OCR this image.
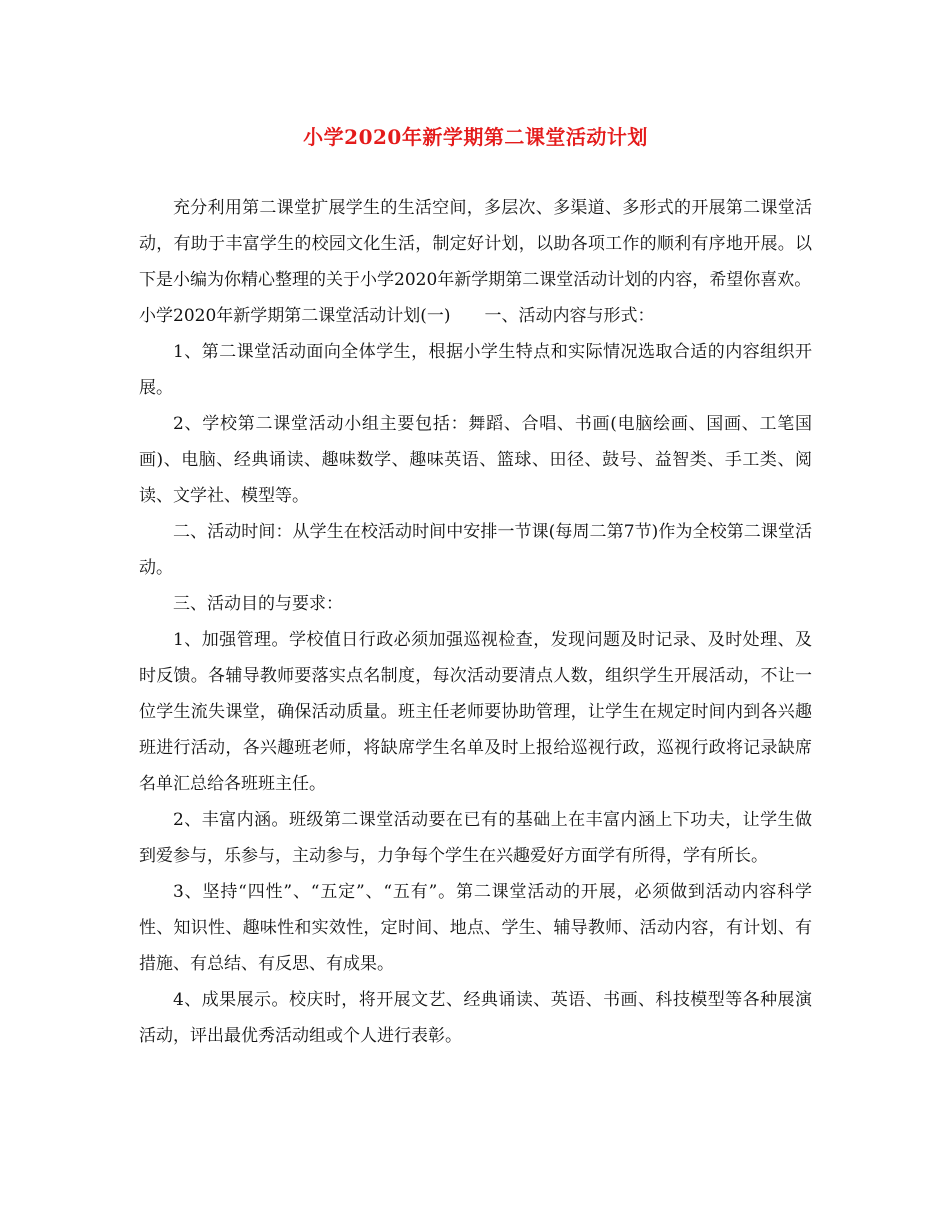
小学2020年新学期第二课堂活动计划

充分利用第二课堂扩展学生的生活空间，多层次、多渠道、多形式的开展第二课堂活动，有助于丰富学生的校园文化生活，制定好计划，以助各项工作的顺利有序地开展。以下是小编为你精心整理的关于小学2020年新学期第二课堂活动计划的内容，希望你喜欢。

小学2020年新学期第二课堂活动计划(一) 一、活动内容与形式：

1、第二课堂活动面向全体学生，根据小学生特点和实际情况选取合适的内容组织开展。

2、学校第二课堂活动小组主要包括：舞蹈、合唱、书画(电脑绘画、国画、工笔国画)、电脑、经典诵读、趣味数学、趣味英语、篮球、田径、鼓号、益智类、手工类、阅读、文学社、模型等。

二、活动时间：从学生在校活动时间中安排一节课(每周二第7节)作为全校第二课堂活动。

三、活动目的与要求：

1、加强管理。学校值日行政必须加强巡视检查，发现问题及时记录、及时处理、及时反馈。各辅导教师要落实点名制度，每次活动要清点人数，组织学生开展活动，不让一位学生流失课堂，确保活动质量。班主任老师要协助管理，让学生在规定时间内到各兴趣班进行活动，各兴趣班老师，将缺席学生名单及时上报给巡视行政，巡视行政将记录缺席名单汇总给各班班主任。

2、丰富内涵。班级第二课堂活动要在已有的基础上在丰富内涵上下功夫，让学生做到爱参与，乐参与，主动参与，力争每个学生在兴趣爱好方面学有所得，学有所长。

3、坚持“四性”、“五定”、“五有”。第二课堂活动的开展，必须做到活动内容科学性、知识性、趣味性和实效性，定时间、地点、学生、辅导教师、活动内容，有计划、有措施、有总结、有反思、有成果。

4、成果展示。校庆时，将开展文艺、经典诵读、英语、书画、科技模型等各种展演活动，评出最优秀活动组或个人进行表彰。
